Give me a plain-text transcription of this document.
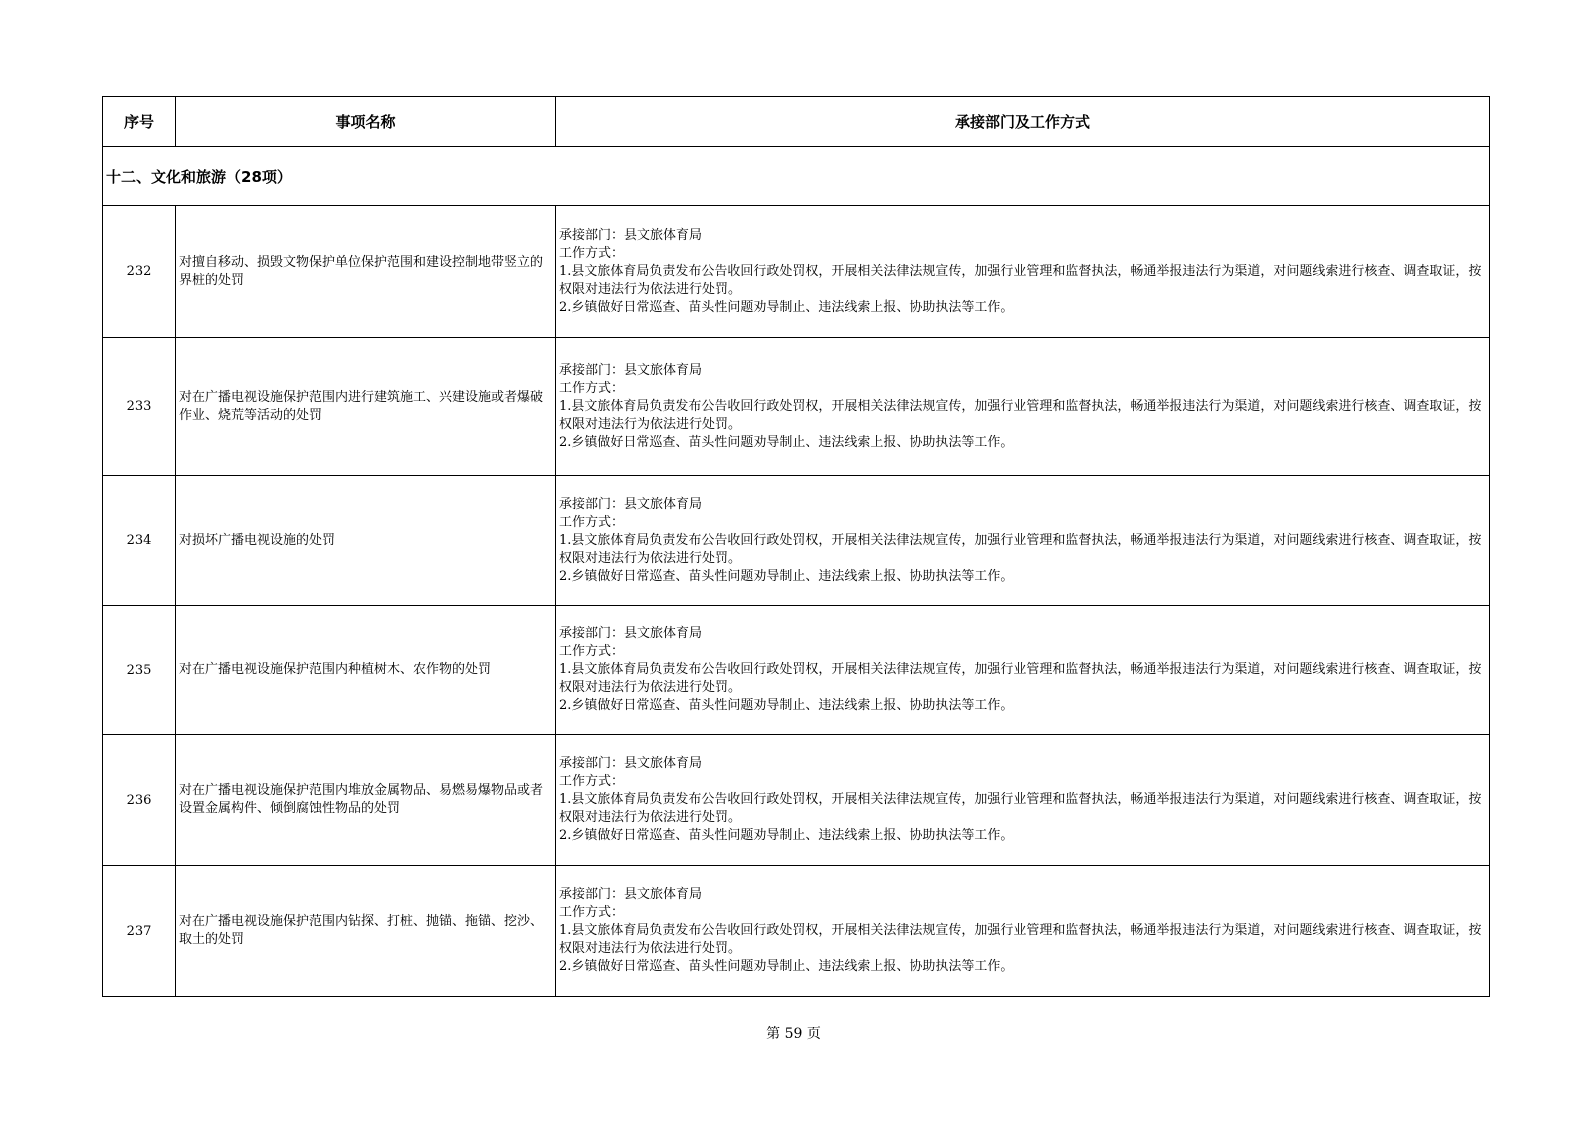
序号	事项名称	承接部门及工作方式
十二、文化和旅游（28项）		
232	对擅自移动、损毁文物保护单位保护范围和建设控制地带竖立的界桩的处罚	承接部门：县文旅体育局
工作方式：
1.县文旅体育局负责发布公告收回行政处罚权，开展相关法律法规宣传，加强行业管理和监督执法，畅通举报违法行为渠道，对问题线索进行核查、调查取证，按权限对违法行为依法进行处罚。
2.乡镇做好日常巡查、苗头性问题劝导制止、违法线索上报、协助执法等工作。

233	对在广播电视设施保护范围内进行建筑施工、兴建设施或者爆破作业、烧荒等活动的处罚	承接部门：县文旅体育局
工作方式：
1.县文旅体育局负责发布公告收回行政处罚权，开展相关法律法规宣传，加强行业管理和监督执法，畅通举报违法行为渠道，对问题线索进行核查、调查取证，按权限对违法行为依法进行处罚。
2.乡镇做好日常巡查、苗头性问题劝导制止、违法线索上报、协助执法等工作。

234	对损坏广播电视设施的处罚	承接部门：县文旅体育局
工作方式：
1.县文旅体育局负责发布公告收回行政处罚权，开展相关法律法规宣传，加强行业管理和监督执法，畅通举报违法行为渠道，对问题线索进行核查、调查取证，按权限对违法行为依法进行处罚。
2.乡镇做好日常巡查、苗头性问题劝导制止、违法线索上报、协助执法等工作。

235	对在广播电视设施保护范围内种植树木、农作物的处罚	承接部门：县文旅体育局
工作方式：
1.县文旅体育局负责发布公告收回行政处罚权，开展相关法律法规宣传，加强行业管理和监督执法，畅通举报违法行为渠道，对问题线索进行核查、调查取证，按权限对违法行为依法进行处罚。
2.乡镇做好日常巡查、苗头性问题劝导制止、违法线索上报、协助执法等工作。

236	对在广播电视设施保护范围内堆放金属物品、易燃易爆物品或者设置金属构件、倾倒腐蚀性物品的处罚	承接部门：县文旅体育局
工作方式：
1.县文旅体育局负责发布公告收回行政处罚权，开展相关法律法规宣传，加强行业管理和监督执法，畅通举报违法行为渠道，对问题线索进行核查、调查取证，按权限对违法行为依法进行处罚。
2.乡镇做好日常巡查、苗头性问题劝导制止、违法线索上报、协助执法等工作。

237	对在广播电视设施保护范围内钻探、打桩、抛锚、拖锚、挖沙、取土的处罚	承接部门：县文旅体育局
工作方式：
1.县文旅体育局负责发布公告收回行政处罚权，开展相关法律法规宣传，加强行业管理和监督执法，畅通举报违法行为渠道，对问题线索进行核查、调查取证，按权限对违法行为依法进行处罚。
2.乡镇做好日常巡查、苗头性问题劝导制止、违法线索上报、协助执法等工作。
第 59 页
